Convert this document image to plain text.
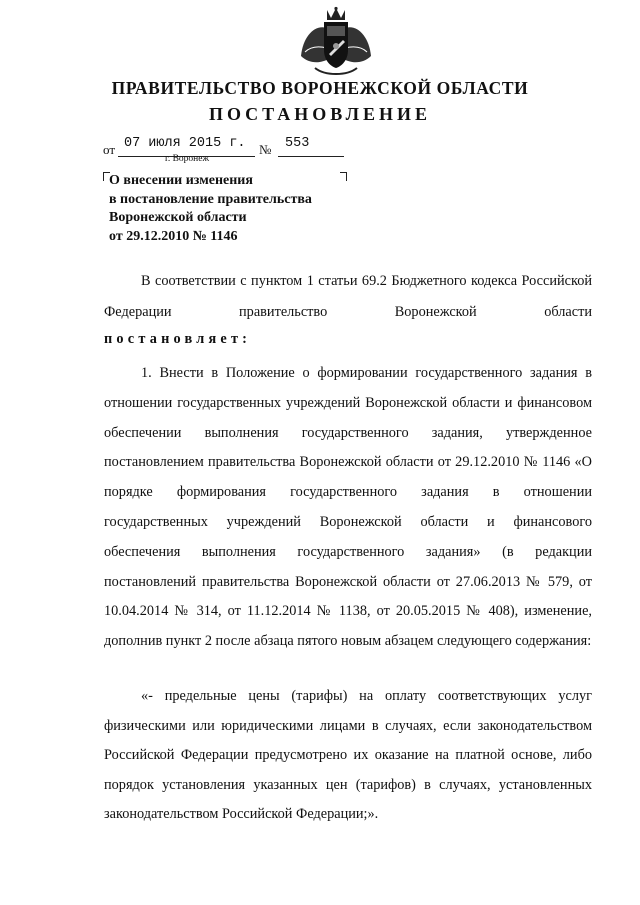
ПРАВИТЕЛЬСТВО ВОРОНЕЖСКОЙ ОБЛАСТИ
ПОСТАНОВЛЕНИЕ
от 07 июля 2015 г. № 553
г. Воронеж
О внесении изменения
в постановление правительства
Воронежской области
от 29.12.2010 № 1146

В соответствии с пунктом 1 статьи 69.2 Бюджетного кодекса Российской Федерации правительство Воронежской области

постановляет:

1. Внести в Положение о формировании государственного задания в отношении государственных учреждений Воронежской области и финансовом обеспечении выполнения государственного задания, утвержденное постановлением правительства Воронежской области от 29.12.2010 № 1146 «О порядке формирования государственного задания в отношении государственных учреждений Воронежской области и финансового обеспечения выполнения государственного задания» (в редакции постановлений правительства Воронежской области от 27.06.2013 № 579, от 10.04.2014 № 314, от 11.12.2014 № 1138, от 20.05.2015 № 408), изменение, дополнив пункт 2 после абзаца пятого новым абзацем следующего содержания:

«- предельные цены (тарифы) на оплату соответствующих услуг физическими или юридическими лицами в случаях, если законодательством Российской Федерации предусмотрено их оказание на платной основе, либо порядок установления указанных цен (тарифов) в случаях, установленных законодательством Российской Федерации;».
